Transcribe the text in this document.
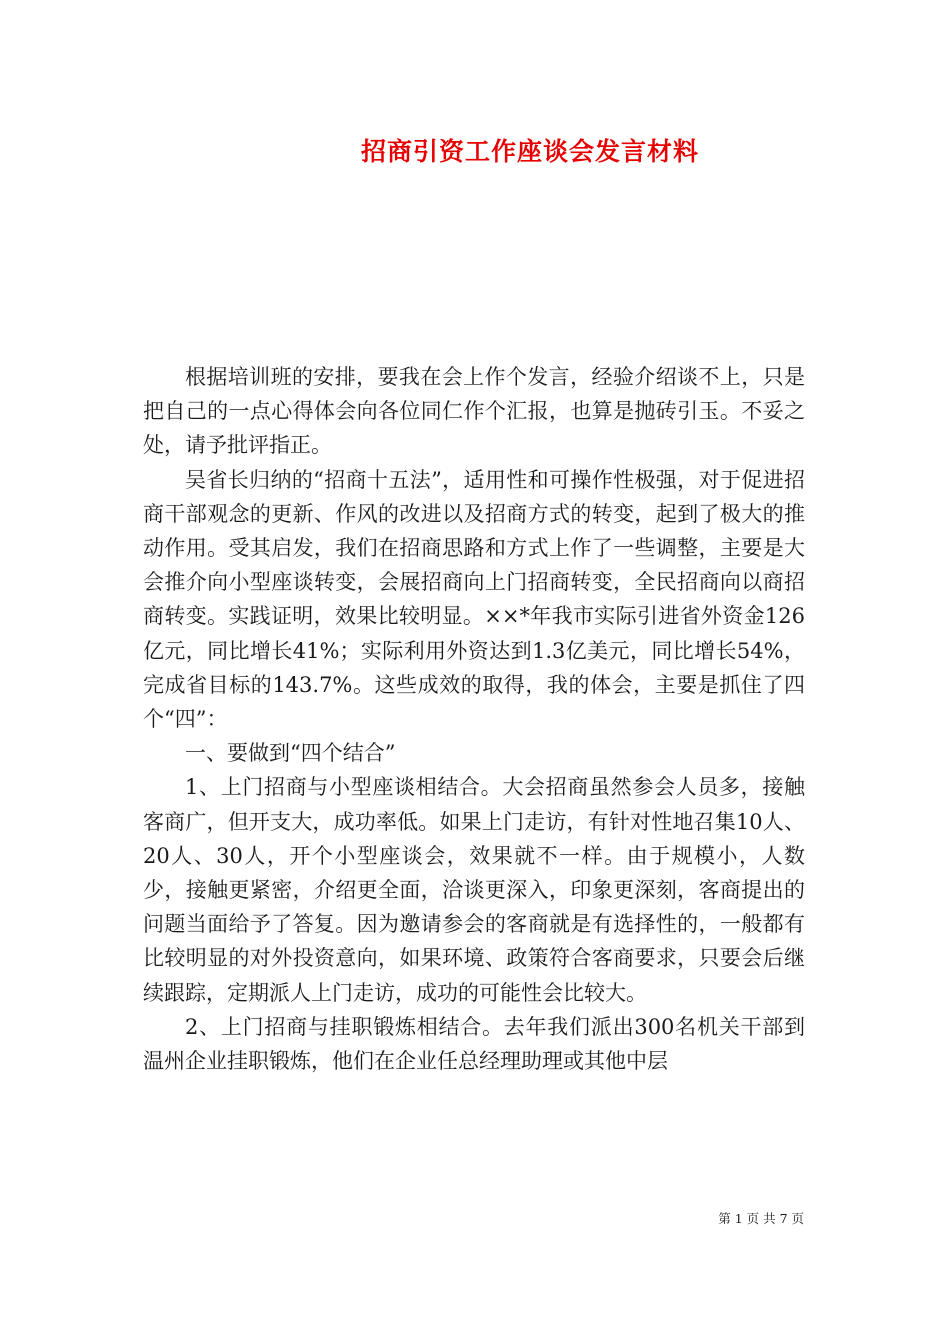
招商引资工作座谈会发言材料

根据培训班的安排，要我在会上作个发言，经验介绍谈不上，只是把自己的一点心得体会向各位同仁作个汇报，也算是抛砖引玉。不妥之处，请予批评指正。

吴省长归纳的“招商十五法”，适用性和可操作性极强，对于促进招商干部观念的更新、作风的改进以及招商方式的转变，起到了极大的推动作用。受其启发，我们在招商思路和方式上作了一些调整，主要是大会推介向小型座谈转变，会展招商向上门招商转变，全民招商向以商招商转变。实践证明，效果比较明显。××*年我市实际引进省外资金126亿元，同比增长41%；实际利用外资达到1.3亿美元，同比增长54%，完成省目标的143.7%。这些成效的取得，我的体会，主要是抓住了四个“四”：

一、要做到“四个结合”

1、上门招商与小型座谈相结合。大会招商虽然参会人员多，接触客商广，但开支大，成功率低。如果上门走访，有针对性地召集10人、20人、30人，开个小型座谈会，效果就不一样。由于规模小，人数少，接触更紧密，介绍更全面，洽谈更深入，印象更深刻，客商提出的问题当面给予了答复。因为邀请参会的客商就是有选择性的，一般都有比较明显的对外投资意向，如果环境、政策符合客商要求，只要会后继续跟踪，定期派人上门走访，成功的可能性会比较大。

2、上门招商与挂职锻炼相结合。去年我们派出300名机关干部到温州企业挂职锻炼，他们在企业任总经理助理或其他中层

第 1 页 共 7 页
